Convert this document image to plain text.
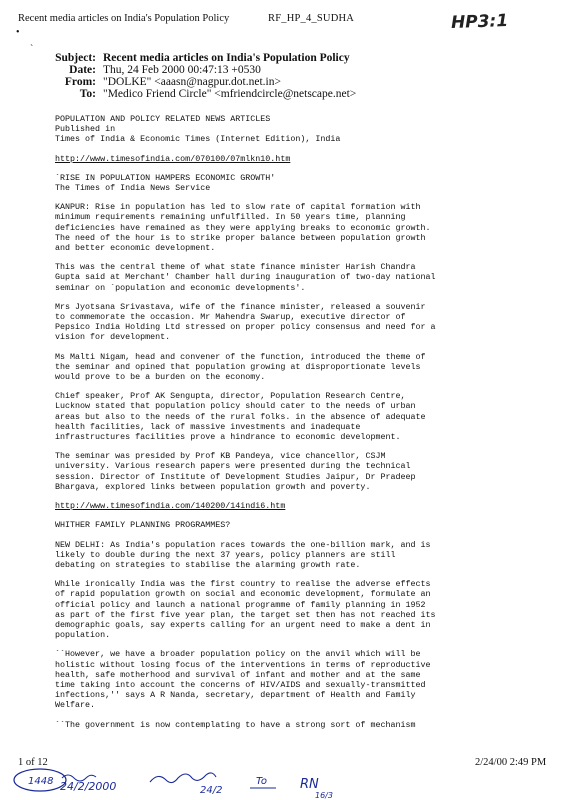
Recent media articles on India's Population Policy	RF_HP_4_SUDHA	HP3:1
•
ˋ
Subject: Recent media articles on India's Population Policy
Date: Thu, 24 Feb 2000 00:47:13 +0530
From: "DOLKE" <aaasn@nagpur.dot.net.in>
To: "Medico Friend Circle" <mfriendcircle@netscape.net>

POPULATION AND POLICY RELATED NEWS ARTICLES
Published in
Times of India & Economic Times (Internet Edition), India

http://www.timesofindia.com/070100/07mlkn10.htm

`RISE IN POPULATION HAMPERS ECONOMIC GROWTH'
The Times of India News Service

KANPUR: Rise in population has led to slow rate of capital formation with
minimum requirements remaining unfulfilled. In 50 years time, planning
deficiencies have remained as they were applying breaks to economic growth.
The need of the hour is to strike proper balance between population growth
and better economic development.

This was the central theme of what state finance minister Harish Chandra
Gupta said at Merchant' Chamber hall during inauguration of two-day national
seminar on `population and economic developments'.

Mrs Jyotsana Srivastava, wife of the finance minister, released a souvenir
to commemorate the occasion. Mr Mahendra Swarup, executive director of
Pepsico India Holding Ltd stressed on proper policy consensus and need for a
vision for development.

Ms Malti Nigam, head and convener of the function, introduced the theme of
the seminar and opined that population growing at disproportionate levels
would prove to be a burden on the economy.

Chief speaker, Prof AK Sengupta, director, Population Research Centre,
Lucknow stated that population policy should cater to the needs of urban
areas but also to the needs of the rural folks. in the absence of adequate
health facilities, lack of massive investments and inadequate
infrastructures facilities prove a hindrance to economic development.

The seminar was presided by Prof KB Pandeya, vice chancellor, CSJM
university. Various research papers were presented during the technical
session. Director of Institute of Development Studies Jaipur, Dr Pradeep
Bhargava, explored links between population growth and poverty.

http://www.timesofindia.com/140200/14indi6.htm

WHITHER FAMILY PLANNING PROGRAMMES?

NEW DELHI: As India's population races towards the one-billion mark, and is
likely to double during the next 37 years, policy planners are still
debating on strategies to stabilise the alarming growth rate.

While ironically India was the first country to realise the adverse effects
of rapid population growth on social and economic development, formulate an
official policy and launch a national programme of family planning in 1952
as part of the first five year plan, the target set then has not reached its
demographic goals, say experts calling for an urgent need to make a dent in
population.

``However, we have a broader population policy on the anvil which will be
holistic without losing focus of the interventions in terms of reproductive
health, safe motherhood and survival of infant and mother and at the same
time taking into account the concerns of HIV/AIDS and sexually-transmitted
infections,'' says A R Nanda, secretary, department of Health and Family
Welfare.

``The government is now contemplating to have a strong sort of mechanism

1 of 12	2/24/00 2:49 PM
1448 24/2/2000	24/2
To	RN
16/3
